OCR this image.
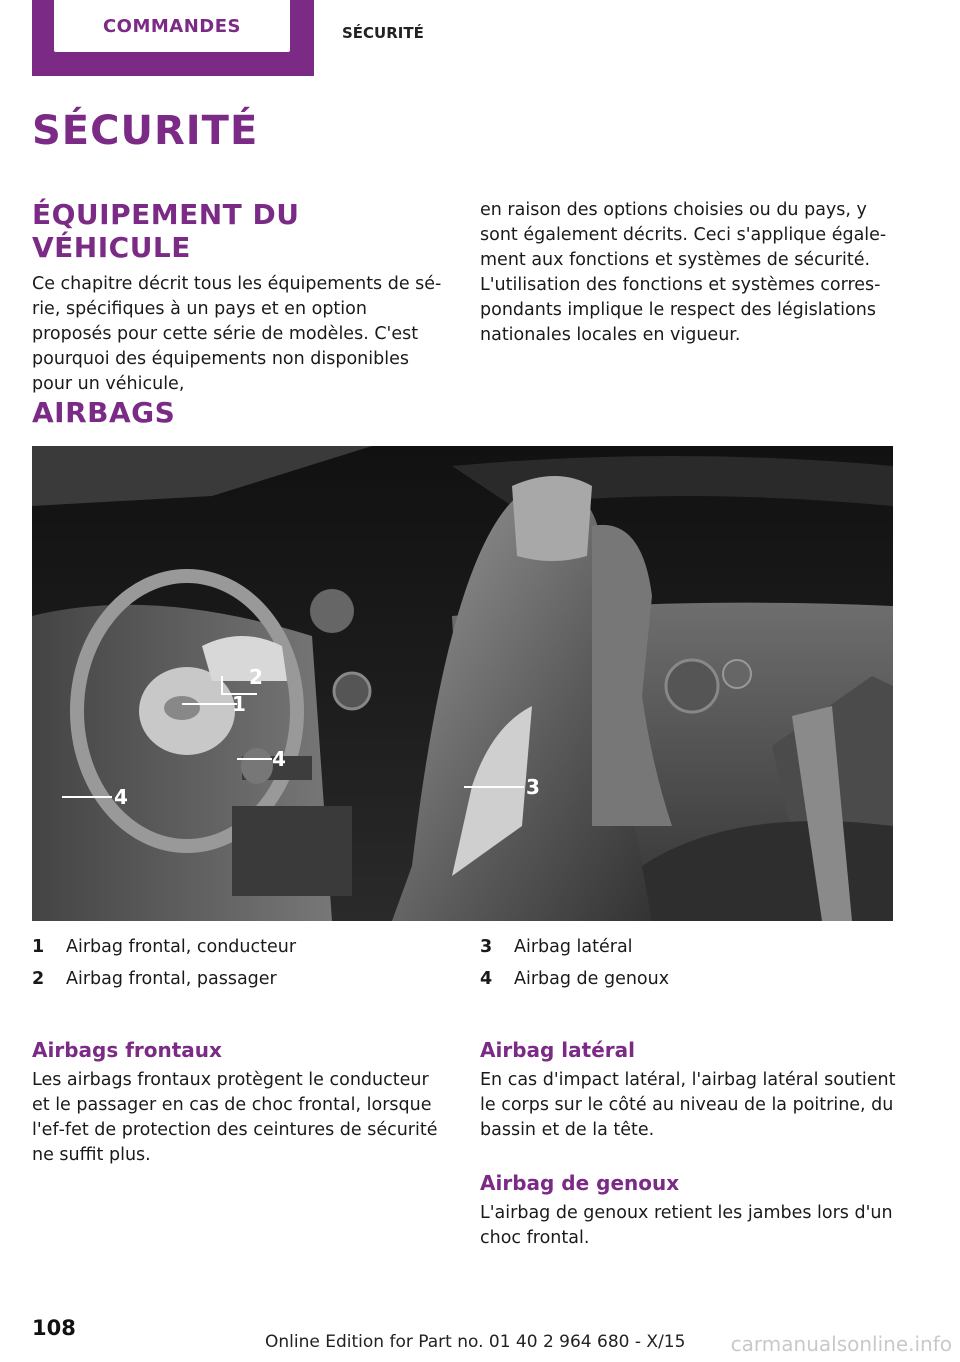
COMMANDES	SÉCURITÉ
SÉCURITÉ
ÉQUIPEMENT DU VÉHICULE

Ce chapitre décrit tous les équipements de sé‐rie, spécifiques à un pays et en option proposés pour cette série de modèles. C'est pourquoi des équipements non disponibles pour un véhicule,

en raison des options choisies ou du pays, y sont également décrits. Ceci s'applique égale‐ment aux fonctions et systèmes de sécurité. L'utilisation des fonctions et systèmes corres‐pondants implique le respect des législations nationales locales en vigueur.

AIRBAGS
2
1
4
4	3
1	Airbag frontal, conducteur
2	Airbag frontal, passager
3	Airbag latéral
4	Airbag de genoux
Airbags frontaux

Les airbags frontaux protègent le conducteur et le passager en cas de choc frontal, lorsque l'ef‐fet de protection des ceintures de sécurité ne suffit plus.

Airbag latéral

En cas d'impact latéral, l'airbag latéral soutient le corps sur le côté au niveau de la poitrine, du bassin et de la tête.

Airbag de genoux

L'airbag de genoux retient les jambes lors d'un choc frontal.

108
Online Edition for Part no. 01 40 2 964 680 - X/15 carmanualsonline.info
